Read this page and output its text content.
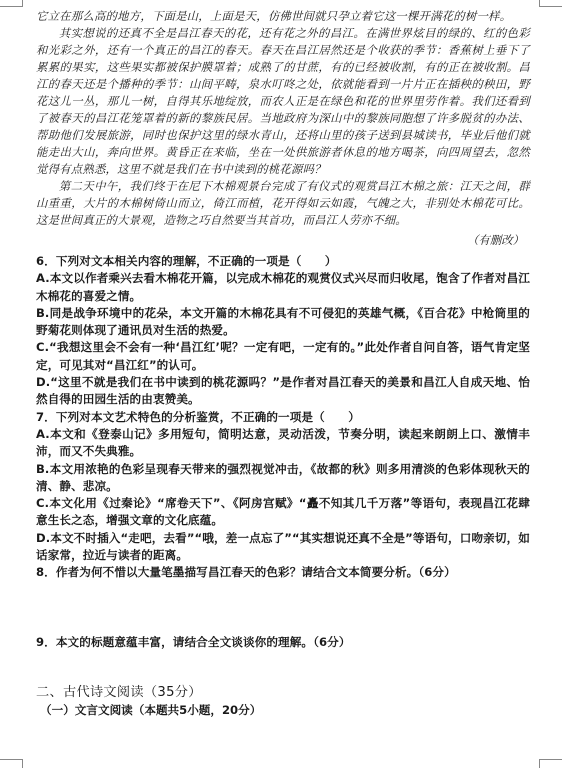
它立在那么高的地方，下面是山，上面是天，仿佛世间就只孕立着它这一棵开满花的树一样。

其实想说的还真不全是昌江春天的花，还有花之外的昌江。在满世界炫目的绿的、红的色彩和光彩之外，还有一个真正的昌江的春天。春天在昌江居然还是个收获的季节：香蕉树上垂下了累累的果实，这些果实都被保护膜罩着；成熟了的甘蔗，有的已经被收割，有的正在被收割。昌江的春天还是个播种的季节：山间平畴，泉水叮咚之处，依就能看到一片片正在插秧的秧田，野花这儿一丛，那儿一树，自得其乐地绽放，而农人正是在绿色和花的世界里劳作着。我们还看到了被春天的昌江花笼罩着的新的黎族民居。当地政府为深山中的黎族同胞想了许多脱贫的办法、帮助他们发展旅游，同时也保护这里的绿水青山，还将山里的孩子送到县城读书，毕业后他们就能走出大山，奔向世界。黄昏正在来临，坐在一处供旅游者休息的地方喝茶，向四周望去，忽然觉得有点熟悉，这里不就是我们在书中读到的桃花源吗？

第二天中午，我们终于在尼下木棉观景台完成了有仪式的观赏昌江木棉之旅：江天之间，群山重重，大片的木棉树倚山而立，倚江而植，花开得如云如霞，气魄之大，非别处木棉花可比。这是世间真正的大景观，造物之巧自然要当其首功，而昌江人劳亦不细。

（有删改）

6．下列对文本相关内容的理解，不正确的一项是（　　）

A.本文以作者乘兴去看木棉花开篇，以完成木棉花的观赏仪式兴尽而归收尾，饱含了作者对昌江木棉花的喜爱之情。

B.同是战争环境中的花朵，本文开篇的木棉花具有不可侵犯的英雄气概，《百合花》中枪筒里的野菊花则体现了通讯员对生活的热爱。

C.“我想这里会不会有一种‘昌江红’呢？一定有吧，一定有的。”此处作者自问自答，语气肯定坚定，可见其对“昌江红”的认可。

D.“这里不就是我们在书中读到的桃花源吗？”是作者对昌江春天的美景和昌江人自成天地、怡然自得的田园生活的由衷赞美。

7．下列对本文艺术特色的分析鉴赏，不正确的一项是（　　）

A.本文和《登泰山记》多用短句，简明达意，灵动活泼，节奏分明，读起来朗朗上口、激情丰沛，而又不失典雅。

B.本文用浓艳的色彩呈现春天带来的强烈视觉冲击，《故都的秋》则多用清淡的色彩体现秋天的清、静、悲凉。

C.本文化用《过秦论》“席卷天下”、《阿房宫赋》“矗不知其几千万落”等语句，表现昌江花肆意生长之态，增强文章的文化底蕴。

D.本文不时插入“走吧，去看”“哦，差一点忘了”“其实想说还真不全是”等语句，口吻亲切，如话家常，拉近与读者的距离。

8．作者为何不惜以大量笔墨描写昌江春天的色彩？请结合文本简要分析。（6分）

9．本文的标题意蕴丰富，请结合全文谈谈你的理解。（6分）

二、古代诗文阅读（35分）
（一）文言文阅读（本题共5小题，20分）
